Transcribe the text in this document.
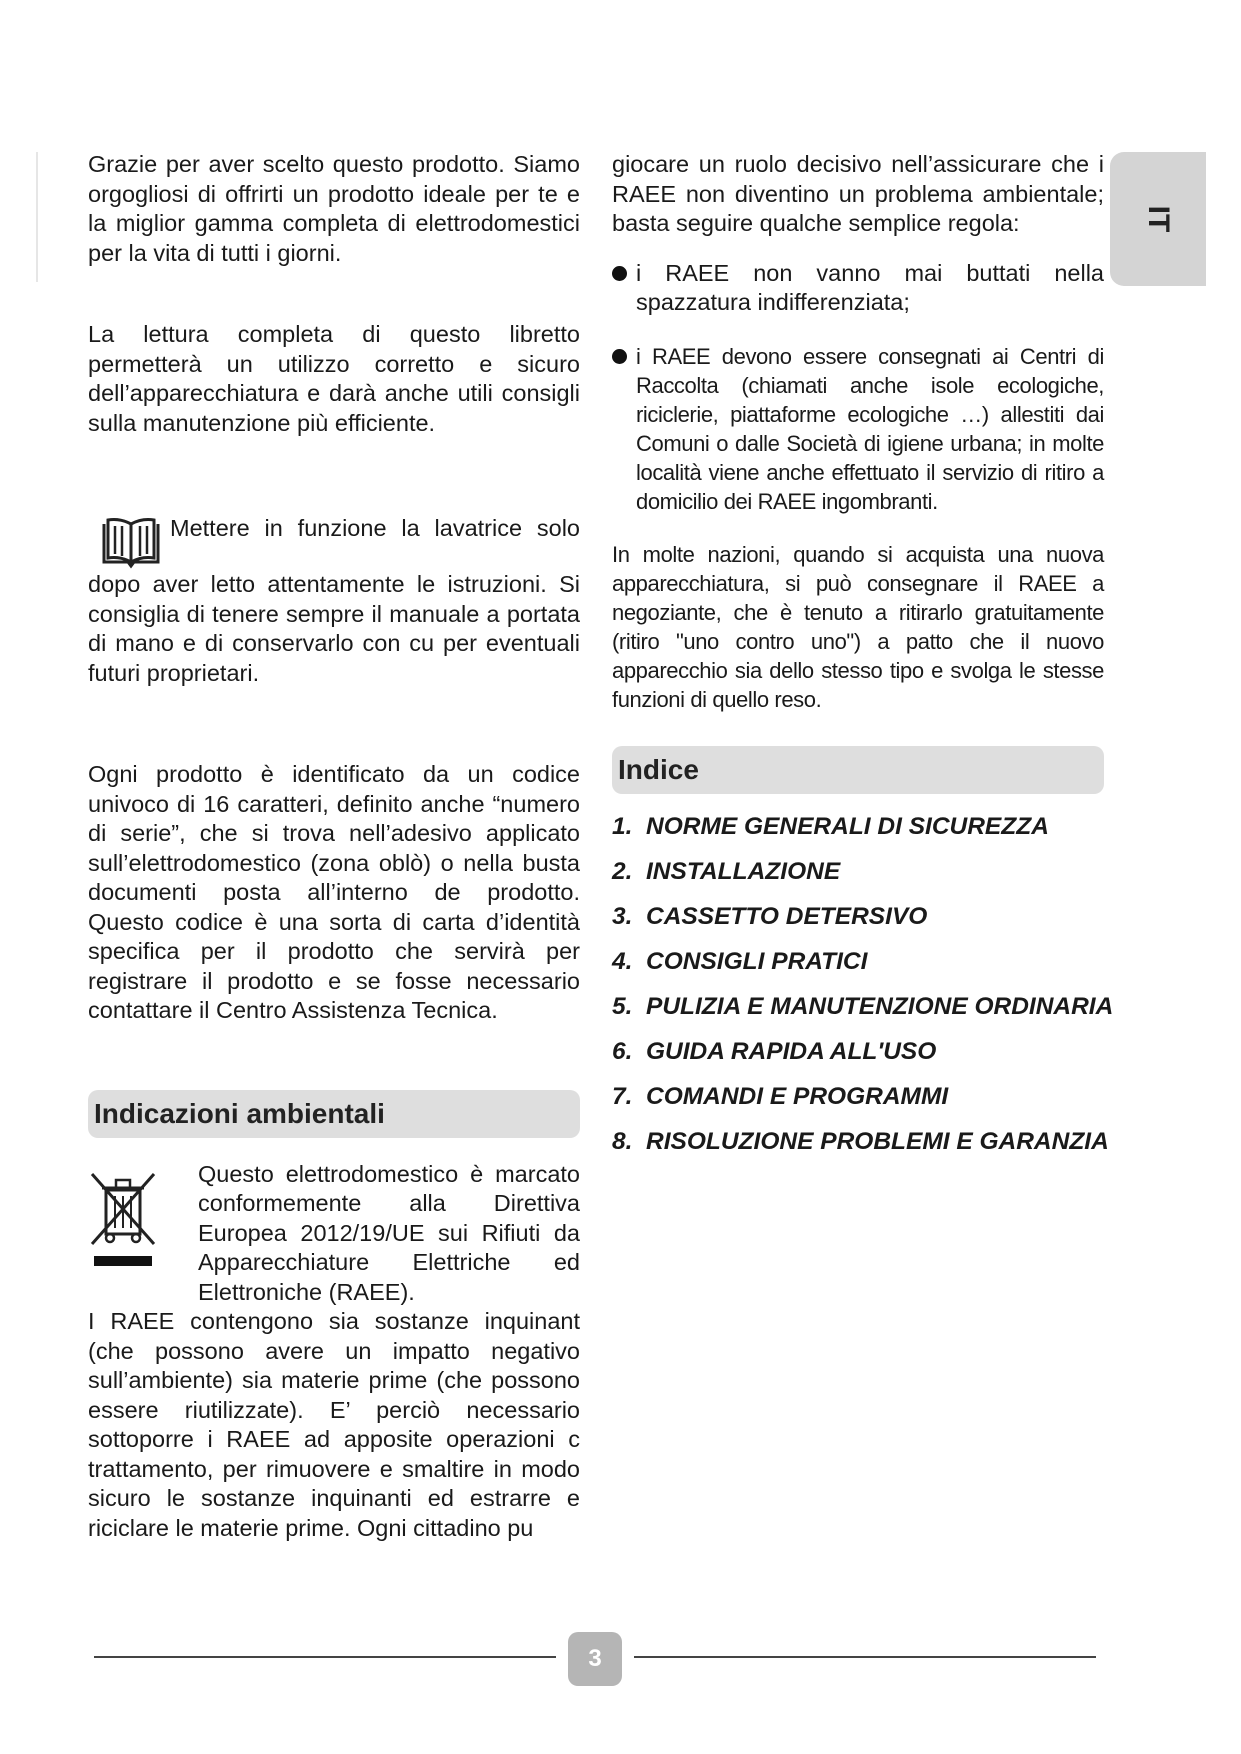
IT

Grazie per aver scelto questo prodotto. Siamo orgogliosi di offrirti un prodotto ideale per te e la miglior gamma completa di elettrodomestici per la vita di tutti i giorni.

La lettura completa di questo libretto permetterà un utilizzo corretto e sicuro dell’apparecchiatura e darà anche utili consigli sulla manutenzione più efficiente.

Mettere in funzione la lavatrice solo dopo aver letto attentamente le istruzioni. Si consiglia di tenere sempre il manuale a portata di mano e di conservarlo con cu per eventuali futuri proprietari.

Ogni prodotto è identificato da un codice univoco di 16 caratteri, definito anche “numero di serie”, che si trova nell’adesivo applicato sull’elettrodomestico (zona oblò) o nella busta documenti posta all’interno de prodotto. Questo codice è una sorta di carta d’identità specifica per il prodotto che servirà per registrare il prodotto e se fosse necessario contattare il Centro Assistenza Tecnica.

Indicazioni ambientali

Questo elettrodomestico è marcato conformemente alla Direttiva Europea 2012/19/UE sui Rifiuti da Apparecchiature Elettriche ed Elettroniche (RAEE).

I RAEE contengono sia sostanze inquinant (che possono avere un impatto negativo sull’ambiente) sia materie prime (che possono essere riutilizzate). E’ perciò necessario sottoporre i RAEE ad apposite operazioni c trattamento, per rimuovere e smaltire in modo sicuro le sostanze inquinanti ed estrarre e riciclare le materie prime. Ogni cittadino pu

giocare un ruolo decisivo nell’assicurare che i RAEE non diventino un problema ambientale; basta seguire qualche semplice regola:

i RAEE non vanno mai buttati nella spazzatura indifferenziata;

i RAEE devono essere consegnati ai Centri di Raccolta (chiamati anche isole ecologiche, riciclerie, piattaforme ecologiche …) allestiti dai Comuni o dalle Società di igiene urbana; in molte località viene anche effettuato il servizio di ritiro a domicilio dei RAEE ingombranti.

In molte nazioni, quando si acquista una nuova apparecchiatura, si può consegnare il RAEE a negoziante, che è tenuto a ritirarlo gratuitamente (ritiro "uno contro uno") a patto che il nuovo apparecchio sia dello stesso tipo e svolga le stesse funzioni di quello reso.

Indice
1. NORME GENERALI DI SICUREZZA
2. INSTALLAZIONE
3. CASSETTO DETERSIVO
4. CONSIGLI PRATICI
5. PULIZIA E MANUTENZIONE ORDINARIA
6. GUIDA RAPIDA ALL'USO
7. COMANDI E PROGRAMMI
8. RISOLUZIONE PROBLEMI E GARANZIA
3
